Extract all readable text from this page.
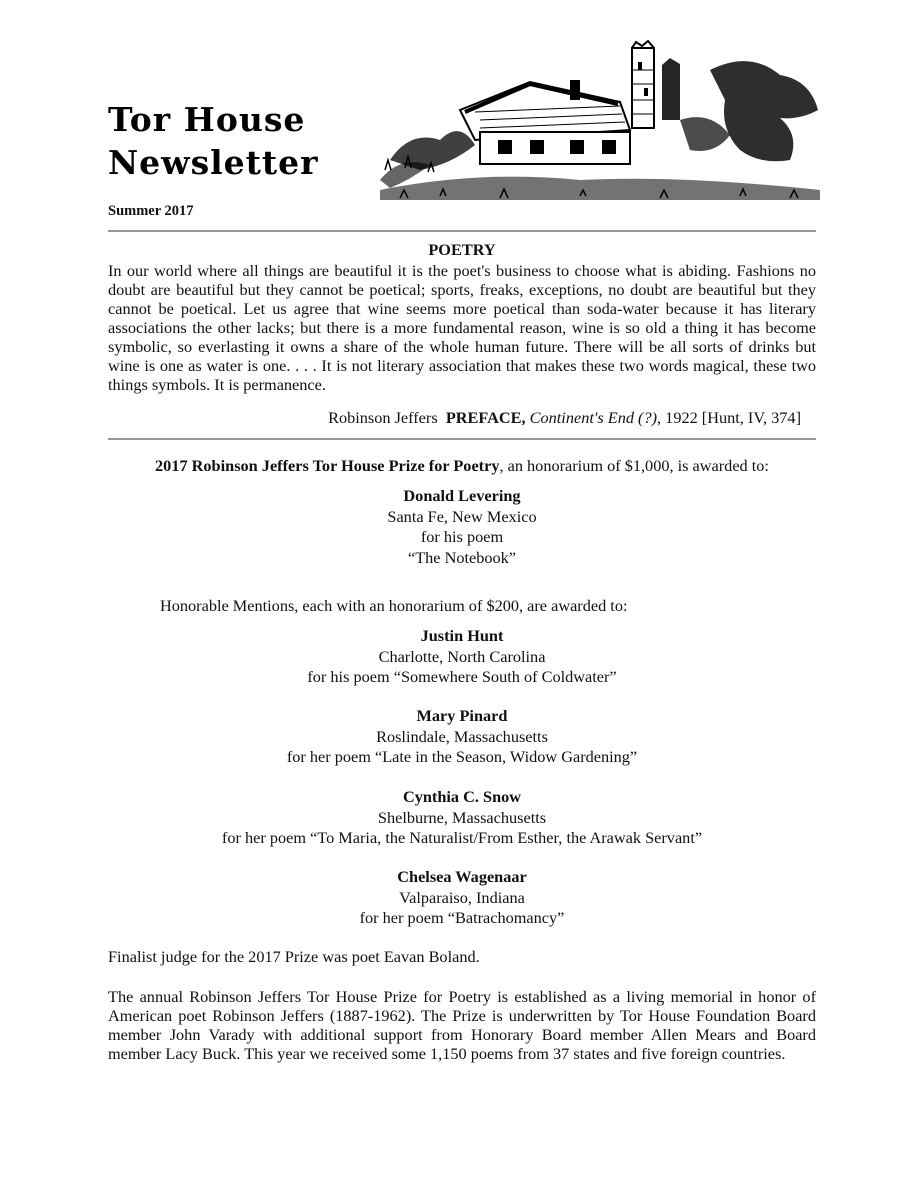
Tor House
Newsletter
Summer 2017
POETRY

In our world where all things are beautiful it is the poet's business to choose what is abiding. Fashions no doubt are beautiful but they cannot be poetical; sports, freaks, exceptions, no doubt are beautiful but they cannot be poetical. Let us agree that wine seems more poetical than soda-water because it has literary associations the other lacks; but there is a more fundamental reason, wine is so old a thing it has become symbolic, so everlasting it owns a share of the whole human future. There will be all sorts of drinks but wine is one as water is one. . . . It is not literary association that makes these two words magical, these two things symbols. It is permanence.

Robinson Jeffers PREFACE, Continent's End (?), 1922 [Hunt, IV, 374]
2017 Robinson Jeffers Tor House Prize for Poetry, an honorarium of $1,000, is awarded to:
Donald Levering
Santa Fe, New Mexico
for his poem
“The Notebook”
Honorable Mentions, each with an honorarium of $200, are awarded to:
Justin Hunt
Charlotte, North Carolina
for his poem “Somewhere South of Coldwater”
Mary Pinard
Roslindale, Massachusetts
for her poem “Late in the Season, Widow Gardening”
Cynthia C. Snow
Shelburne, Massachusetts
for her poem “To Maria, the Naturalist/From Esther, the Arawak Servant”
Chelsea Wagenaar
Valparaiso, Indiana
for her poem “Batrachomancy”

Finalist judge for the 2017 Prize was poet Eavan Boland.

The annual Robinson Jeffers Tor House Prize for Poetry is established as a living memorial in honor of American poet Robinson Jeffers (1887-1962). The Prize is underwritten by Tor House Foundation Board member John Varady with additional support from Honorary Board member Allen Mears and Board member Lacy Buck. This year we received some 1,150 poems from 37 states and five foreign countries.
